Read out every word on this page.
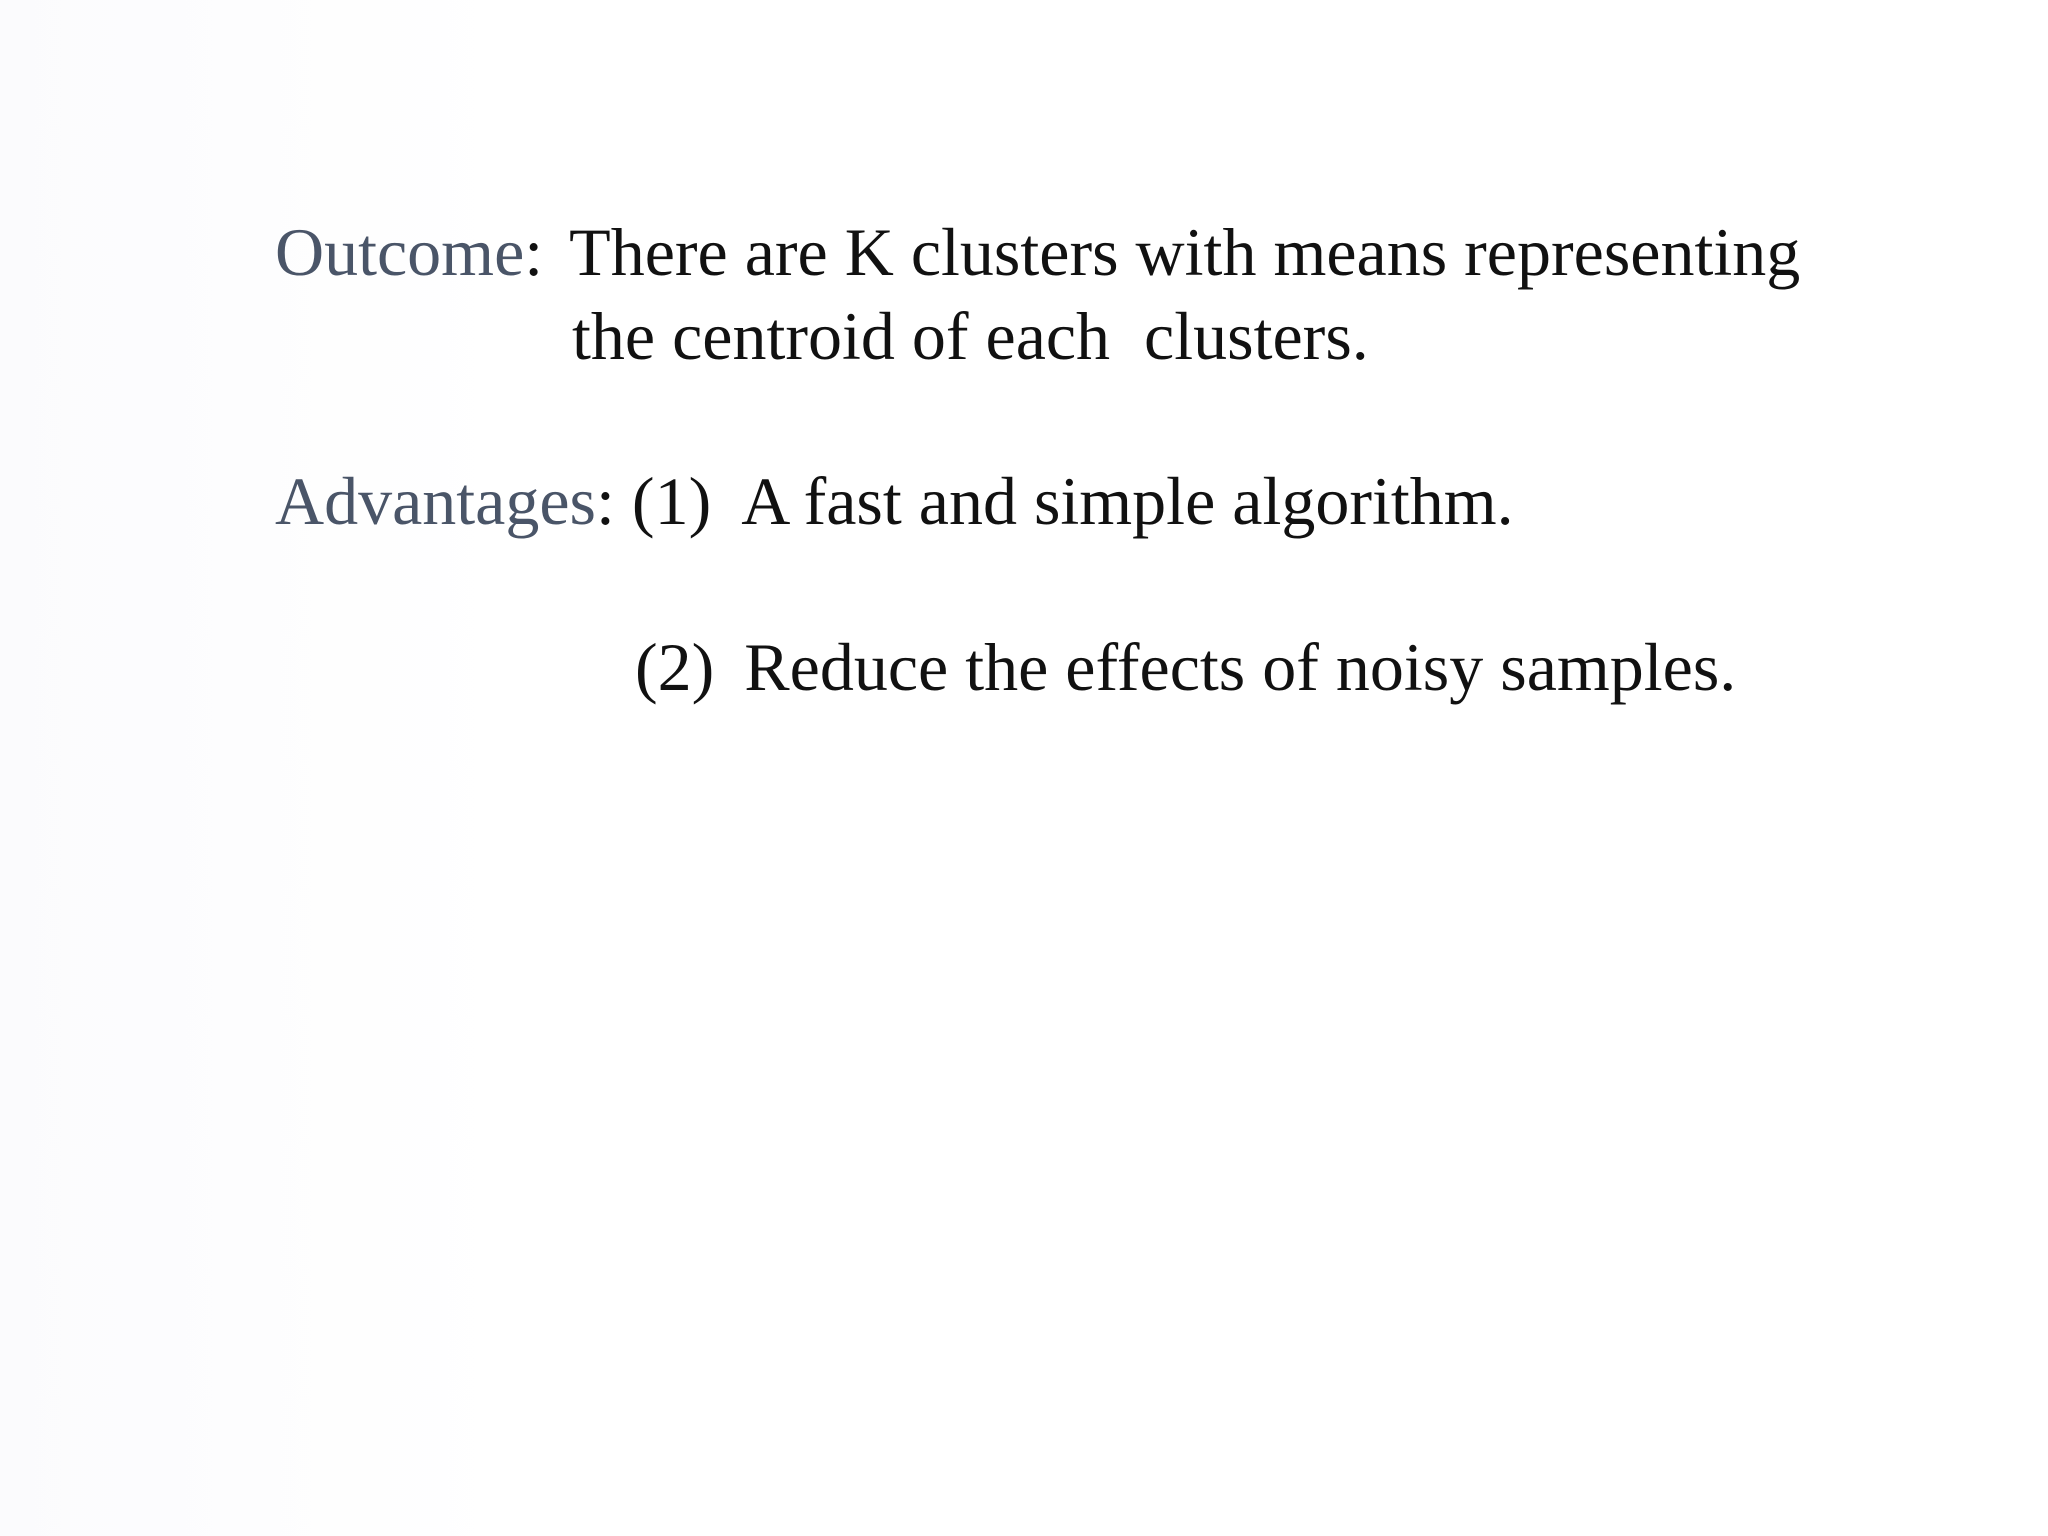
Outcome: There are K clusters with means representing
the centroid of each  clusters.
Advantages: (1) A fast and simple algorithm.
(2) Reduce the effects of noisy samples.
